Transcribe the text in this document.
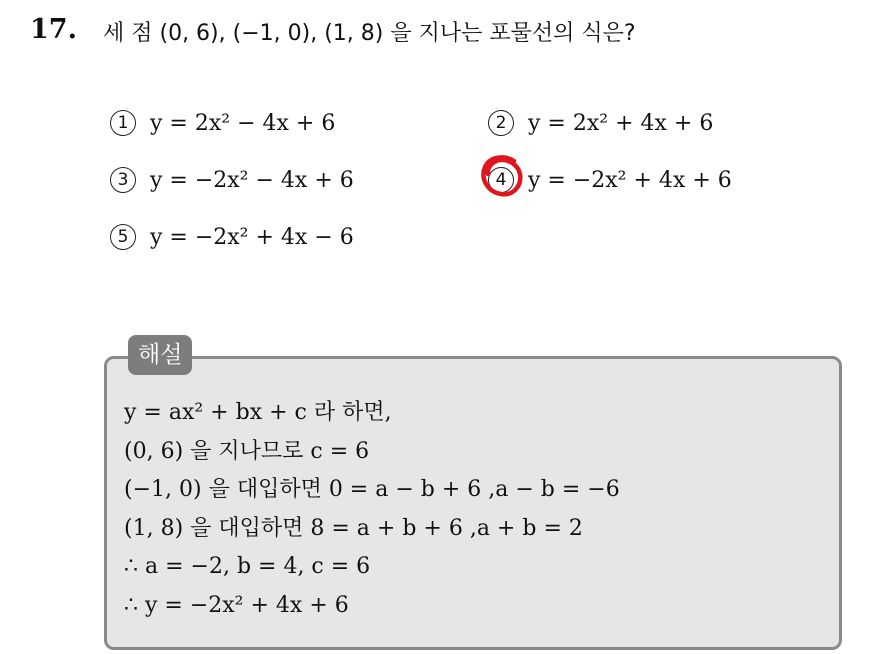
17. 세 점 (0, 6), (−1, 0), (1, 8) 을 지나는 포물선의 식은?
1 y = 2x² − 4x + 6	2 y = 2x² + 4x + 6
3 y = −2x² − 4x + 6	4 y = −2x² + 4x + 6
5 y = −2x² + 4x − 6
해설
y = ax² + bx + c 라 하면,
(0, 6) 을 지나므로 c = 6
(−1, 0) 을 대입하면 0 = a − b + 6 ,a − b = −6
(1, 8) 을 대입하면 8 = a + b + 6 ,a + b = 2
∴ a = −2, b = 4, c = 6
∴ y = −2x² + 4x + 6
